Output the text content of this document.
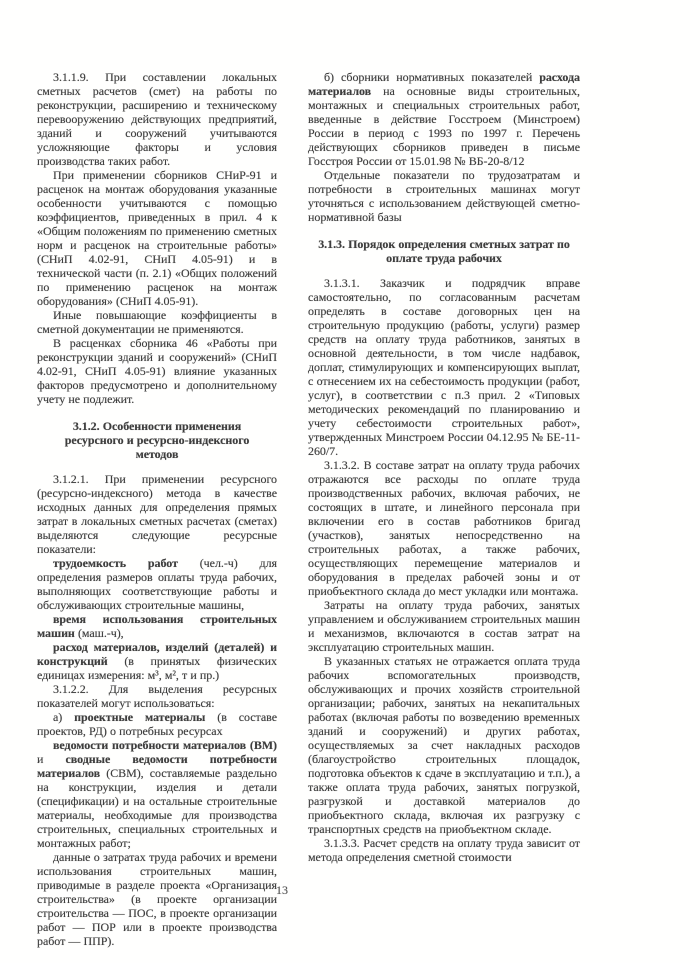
3.1.1.9. При составлении локальных сметных расчетов (смет) на работы по реконструкции, расширению и техническому перевооружению действующих предприятий, зданий и сооружений учитываются усложняющие факторы и условия производства таких работ.

При применении сборников СНиР-91 и расценок на монтаж оборудования указанные особенности учитываются с помощью коэффициентов, приведенных в прил. 4 к «Общим положениям по применению сметных норм и расценок на строительные работы» (СНиП 4.02-91, СНиП 4.05-91) и в технической части (п. 2.1) «Общих положений по применению расценок на монтаж оборудования» (СНиП 4.05-91).

Иные повышающие коэффициенты в сметной документации не применяются.

В расценках сборника 46 «Работы при реконструкции зданий и сооружений» (СНиП 4.02-91, СНиП 4.05-91) влияние указанных факторов предусмотрено и дополнительному учету не подлежит.

3.1.2. Особенности применения ресурсного и ресурсно-индексного методов

3.1.2.1. При применении ресурсного (ресурсно-индексного) метода в качестве исходных данных для определения прямых затрат в локальных сметных расчетах (сметах) выделяются следующие ресурсные показатели:

трудоемкость работ (чел.-ч) для определения размеров оплаты труда рабочих, выполняющих соответствующие работы и обслуживающих строительные машины,

время использования строительных машин (маш.-ч),

расход материалов, изделий (деталей) и конструкций (в принятых физических единицах измерения: м³, м², т и пр.)

3.1.2.2. Для выделения ресурсных показателей могут использоваться:

а) проектные материалы (в составе проектов, РД) о потребных ресурсах

ведомости потребности материалов (ВМ) и сводные ведомости потребности материалов (СВМ), составляемые раздельно на конструкции, изделия и детали (спецификации) и на остальные строительные материалы, необходимые для производства строительных, специальных строительных и монтажных работ;

данные о затратах труда рабочих и времени использования строительных машин, приводимые в разделе проекта «Организация строительства» (в проекте организации строительства — ПОС, в проекте организации работ — ПОР или в проекте производства работ — ППР).

б) сборники нормативных показателей расхода материалов на основные виды строительных, монтажных и специальных строительных работ, введенные в действие Госстроем (Минстроем) России в период с 1993 по 1997 г. Перечень действующих сборников приведен в письме Госстроя России от 15.01.98 № ВБ-20-8/12

Отдельные показатели по трудозатратам и потребности в строительных машинах могут уточняться с использованием действующей сметно-нормативной базы

3.1.3. Порядок определения сметных затрат по оплате труда рабочих

3.1.3.1. Заказчик и подрядчик вправе самостоятельно, по согласованным расчетам определять в составе договорных цен на строительную продукцию (работы, услуги) размер средств на оплату труда работников, занятых в основной деятельности, в том числе надбавок, доплат, стимулирующих и компенсирующих выплат, с отнесением их на себестоимость продукции (работ, услуг), в соответствии с п.3 прил. 2 «Типовых методических рекомендаций по планированию и учету себестоимости строительных работ», утвержденных Минстроем России 04.12.95 № БЕ-11-260/7.

3.1.3.2. В составе затрат на оплату труда рабочих отражаются все расходы по оплате труда производственных рабочих, включая рабочих, не состоящих в штате, и линейного персонала при включении его в состав работников бригад (участков), занятых непосредственно на строительных работах, а также рабочих, осуществляющих перемещение материалов и оборудования в пределах рабочей зоны и от приобъектного склада до мест укладки или монтажа.

Затраты на оплату труда рабочих, занятых управлением и обслуживанием строительных машин и механизмов, включаются в состав затрат на эксплуатацию строительных машин.

В указанных статьях не отражается оплата труда рабочих вспомогательных производств, обслуживающих и прочих хозяйств строительной организации; рабочих, занятых на некапитальных работах (включая работы по возведению временных зданий и сооружений) и других работах, осуществляемых за счет накладных расходов (благоустройство строительных площадок, подготовка объектов к сдаче в эксплуатацию и т.п.), а также оплата труда рабочих, занятых погрузкой, разгрузкой и доставкой материалов до приобъектного склада, включая их разгрузку с транспортных средств на приобъектном складе.

3.1.3.3. Расчет средств на оплату труда зависит от метода определения сметной стоимости

13
